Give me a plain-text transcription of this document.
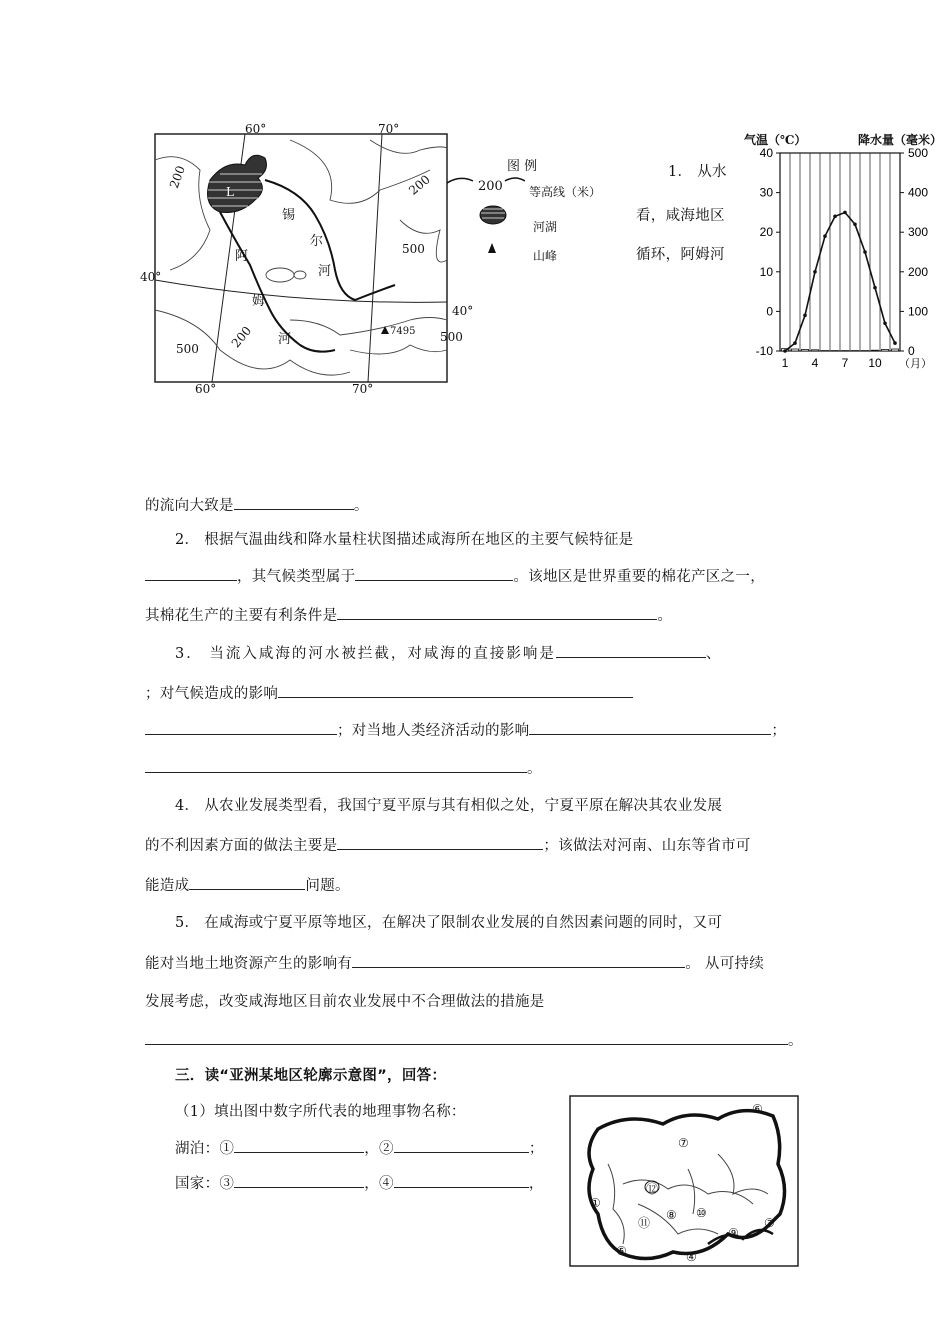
60°	70°
60°	70°
40°
40°
200	200
200
500
500
500
L
锡
尔
河
阿
姆
河
7495
图 例
200 等高线（米）
河湖
山峰
1． 从水
看，咸海地区
循环，阿姆河
气温（℃）	降水量（毫米）
40
30
20
10
0
-10
500
400
300
200
100
0
1 4 7 10 （月）
的流向大致是	。
2． 根据气温曲线和降水量柱状图描述咸海所在地区的主要气候特征是
，其气候类型属于	。该地区是世界重要的棉花产区之一，
其棉花生产的主要有利条件是	。
3． 当流入咸海的河水被拦截，对咸海的直接影响是	、
；对气候造成的影响
；对当地人类经济活动的影响	；
。
4． 从农业发展类型看，我国宁夏平原与其有相似之处，宁夏平原在解决其农业发展
的不利因素方面的做法主要是	；该做法对河南、山东等省市可
能造成	问题。
5． 在咸海或宁夏平原等地区，在解决了限制农业发展的自然因素问题的同时，又可
能对当地土地资源产生的影响有	。 从可持续
发展考虑，改变咸海地区目前农业发展中不合理做法的措施是
。
三．读“亚洲某地区轮廓示意图”，回答：
（1）填出图中数字所代表的地理事物名称：
湖泊：①	，②	；
国家：③	，④	，
⑥
⑦
①
⑫
⑧
⑪
⑩
③
⑤	④
⑨
